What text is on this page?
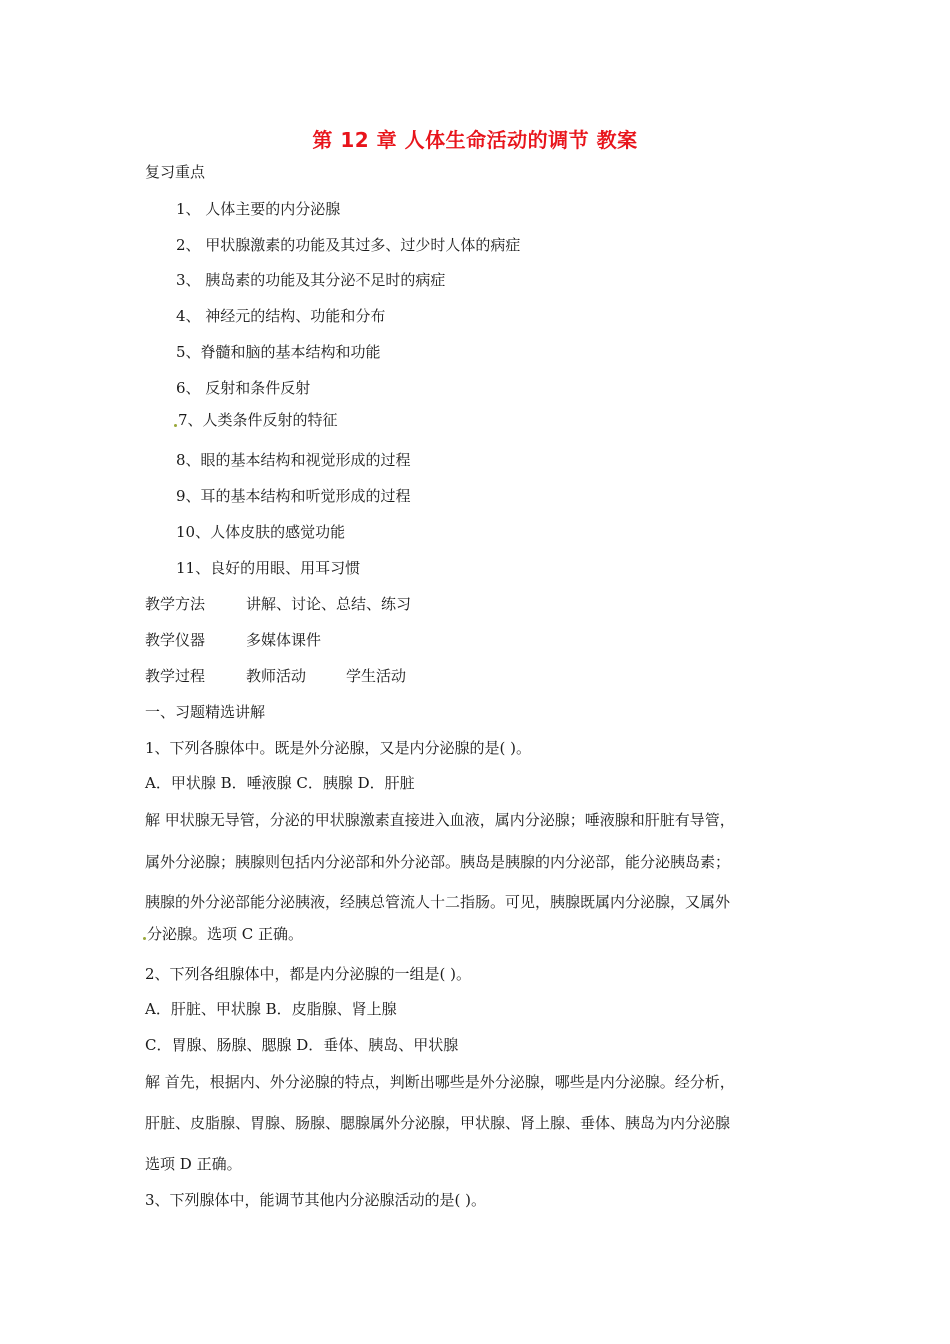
第 12 章 人体生命活动的调节 教案
复习重点
1、 人体主要的内分泌腺
2、 甲状腺激素的功能及其过多、过少时人体的病症
3、 胰岛素的功能及其分泌不足时的病症
4、 神经元的结构、功能和分布
5、脊髓和脑的基本结构和功能
6、 反射和条件反射
7、人类条件反射的特征
8、眼的基本结构和视觉形成的过程
9、耳的基本结构和听觉形成的过程
10、人体皮肤的感觉功能
11、良好的用眼、用耳习惯
教学方法	讲解、讨论、总结、练习
教学仪器	多媒体课件
教学过程	教师活动	学生活动
一、习题精选讲解
1、下列各腺体中。既是外分泌腺，又是内分泌腺的是( )。
A．甲状腺 B．唾液腺 C．胰腺 D．肝脏
解 甲状腺无导管，分泌的甲状腺激素直接进入血液，属内分泌腺；唾液腺和肝脏有导管，
属外分泌腺；胰腺则包括内分泌部和外分泌部。胰岛是胰腺的内分泌部，能分泌胰岛素；
胰腺的外分泌部能分泌胰液，经胰总管流人十二指肠。可见，胰腺既属内分泌腺，又属外
分泌腺。选项 C 正确。
2、下列各组腺体中，都是内分泌腺的一组是( )。
A．肝脏、甲状腺 B．皮脂腺、肾上腺
C．胃腺、肠腺、腮腺 D．垂体、胰岛、甲状腺
解 首先，根据内、外分泌腺的特点，判断出哪些是外分泌腺，哪些是内分泌腺。经分析，
肝脏、皮脂腺、胃腺、肠腺、腮腺属外分泌腺，甲状腺、肾上腺、垂体、胰岛为内分泌腺
选项 D 正确。
3、下列腺体中，能调节其他内分泌腺活动的是( )。
